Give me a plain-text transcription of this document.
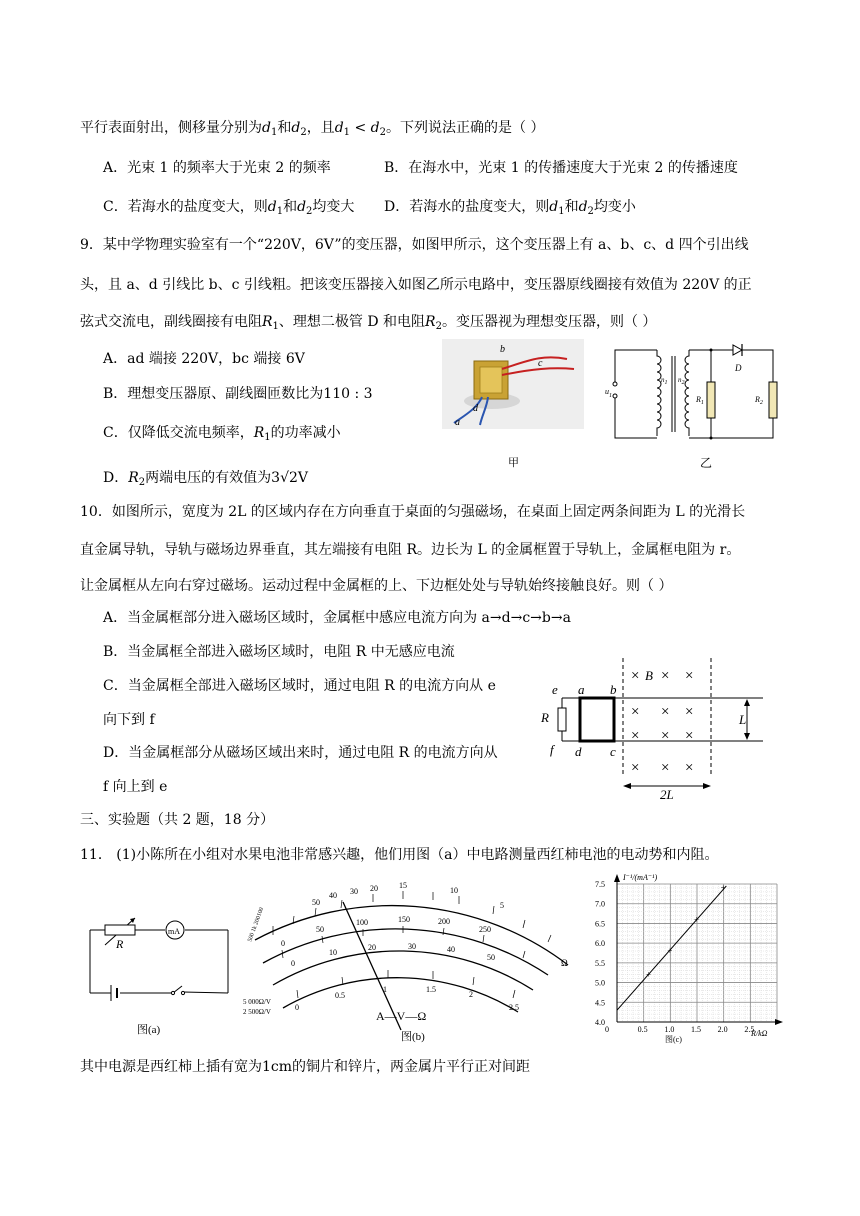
平行表面射出，侧移量分别为$d_1$和$d_2$，且$d_1 < d_2$。下列说法正确的是（ ）
A．光束 1 的频率大于光束 2 的频率	B．在海水中，光束 1 的传播速度大于光束 2 的传播速度
C．若海水的盐度变大，则$d_1$和$d_2$均变大 D．若海水的盐度变大，则$d_1$和$d_2$均变小
9．某中学物理实验室有一个“220V，6V”的变压器，如图甲所示，这个变压器上有 a、b、c、d 四个引出线
头，且 a、d 引线比 b、c 引线粗。把该变压器接入如图乙所示电路中，变压器原线圈接有效值为 220V 的正
弦式交流电，副线圈接有电阻$R_1$、理想二极管 D 和电阻$R_2$。变压器视为理想变压器，则（ ）
A．ad 端接 220V，bc 端接 6V
B．理想变压器原、副线圈匝数比为110 : 3
C．仅降低交流电频率，$R_1$的功率减小
D．$R_2$两端电压的有效值为3√2V
b
c
d
a
甲
$u_1$
n1 n2
$R_1$	$R_2$
D
乙
10．如图所示，宽度为 2L 的区域内存在方向垂直于桌面的匀强磁场，在桌面上固定两条间距为 L 的光滑长
直金属导轨，导轨与磁场边界垂直，其左端接有电阻 R。边长为 L 的金属框置于导轨上，金属框电阻为 r。
让金属框从左向右穿过磁场。运动过程中金属框的上、下边框处处与导轨始终接触良好。则（ ）
A．当金属框部分进入磁场区域时，金属框中感应电流方向为 a→d→c→b→a
B．当金属框全部进入磁场区域时，电阻 R 中无感应电流
C．当金属框全部进入磁场区域时，通过电阻 R 的电流方向从 e
向下到 f
D．当金属框部分从磁场区域出来时，通过电阻 R 的电流方向从
f 向上到 e
× × ×
× × ×
× × ×
× × ×
B
e a b
R
f d c
L
2L
三、实验题（共 2 题，18 分）
11． (1)小陈所在小组对水果电池非常感兴趣，他们用图（a）中电路测量西红柿电池的电动势和内阻。
R
mA
图(a)
50
40 30 20	15
10
5
500 1k 200100
0
50
100	150	200
250
0
10
20	30	40
50
0
0.5
1	1.5
2
2.5
Ω
5 000Ω/V
2 500Ω/V	A—V—Ω
图(b)
7.5
7.0
6.5
6.0
5.5
5.0
4.5
4.0
0	0.5 1.0 1.5 2.0 2.5
+
+
+
+
I⁻¹/(mA⁻¹)
R/kΩ
图(c)
其中电源是西红柿上插有宽为1cm的铜片和锌片，两金属片平行正对间距
